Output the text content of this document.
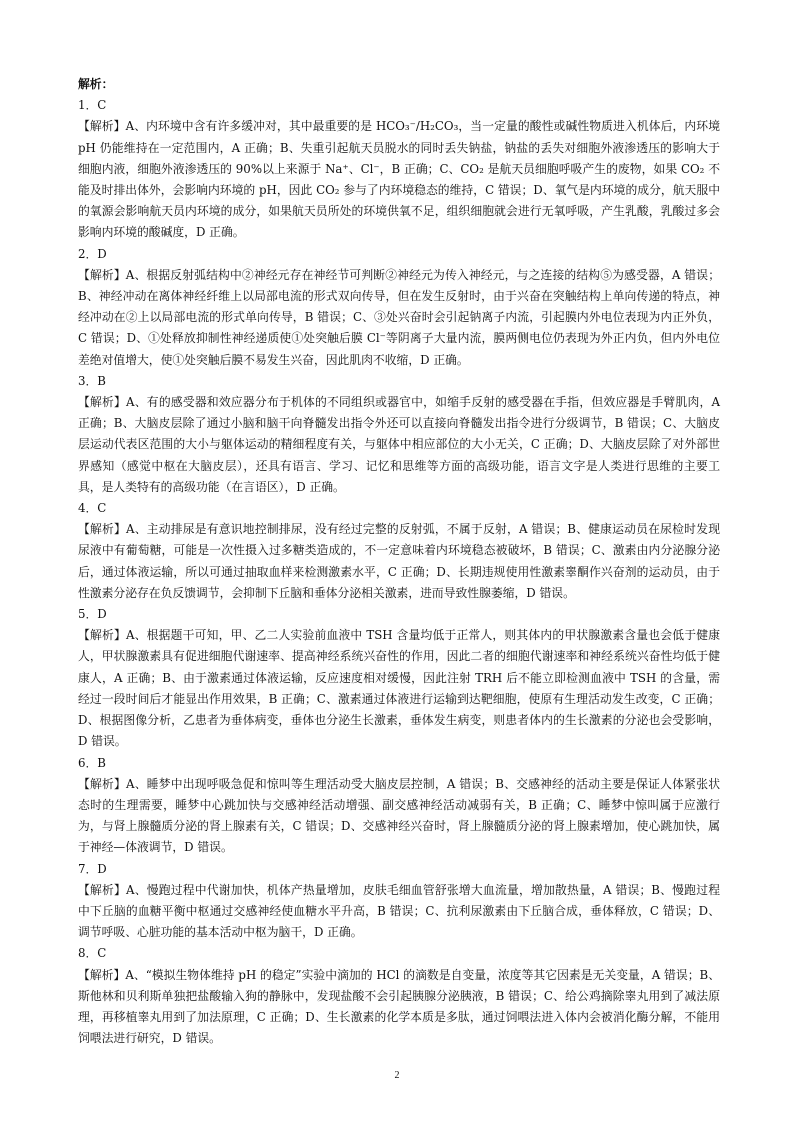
解析：

1．C

【解析】A、内环境中含有许多缓冲对，其中最重要的是 HCO₃⁻/H₂CO₃，当一定量的酸性或碱性物质进入机体后，内环境 pH 仍能维持在一定范围内，A 正确；B、失重引起航天员脱水的同时丢失钠盐，钠盐的丢失对细胞外液渗透压的影响大于细胞内液，细胞外液渗透压的 90%以上来源于 Na⁺、Cl⁻，B 正确；C、CO₂ 是航天员细胞呼吸产生的废物，如果 CO₂ 不能及时排出体外，会影响内环境的 pH，因此 CO₂ 参与了内环境稳态的维持，C 错误；D、氧气是内环境的成分，航天服中的氧源会影响航天员内环境的成分，如果航天员所处的环境供氧不足，组织细胞就会进行无氧呼吸，产生乳酸，乳酸过多会影响内环境的酸碱度，D 正确。

2．D

【解析】A、根据反射弧结构中②神经元存在神经节可判断②神经元为传入神经元，与之连接的结构⑤为感受器，A 错误；B、神经冲动在离体神经纤维上以局部电流的形式双向传导，但在发生反射时，由于兴奋在突触结构上单向传递的特点，神经冲动在②上以局部电流的形式单向传导，B 错误；C、③处兴奋时会引起钠离子内流，引起膜内外电位表现为内正外负，C 错误；D、①处释放抑制性神经递质使①处突触后膜 Cl⁻等阴离子大量内流，膜两侧电位仍表现为外正内负，但内外电位差绝对值增大，使①处突触后膜不易发生兴奋，因此肌肉不收缩，D 正确。

3．B

【解析】A、有的感受器和效应器分布于机体的不同组织或器官中，如缩手反射的感受器在手指，但效应器是手臂肌肉，A 正确；B、大脑皮层除了通过小脑和脑干向脊髓发出指令外还可以直接向脊髓发出指令进行分级调节，B 错误；C、大脑皮层运动代表区范围的大小与躯体运动的精细程度有关，与躯体中相应部位的大小无关，C 正确；D、大脑皮层除了对外部世界感知（感觉中枢在大脑皮层），还具有语言、学习、记忆和思维等方面的高级功能，语言文字是人类进行思维的主要工具，是人类特有的高级功能（在言语区），D 正确。

4．C

【解析】A、主动排尿是有意识地控制排尿，没有经过完整的反射弧，不属于反射，A 错误；B、健康运动员在尿检时发现尿液中有葡萄糖，可能是一次性摄入过多糖类造成的，不一定意味着内环境稳态被破坏，B 错误；C、激素由内分泌腺分泌后，通过体液运输，所以可通过抽取血样来检测激素水平，C 正确；D、长期违规使用性激素睾酮作兴奋剂的运动员，由于性激素分泌存在负反馈调节，会抑制下丘脑和垂体分泌相关激素，进而导致性腺萎缩，D 错误。

5．D

【解析】A、根据题干可知，甲、乙二人实验前血液中 TSH 含量均低于正常人，则其体内的甲状腺激素含量也会低于健康人，甲状腺激素具有促进细胞代谢速率、提高神经系统兴奋性的作用，因此二者的细胞代谢速率和神经系统兴奋性均低于健康人，A 正确；B、由于激素通过体液运输，反应速度相对缓慢，因此注射 TRH 后不能立即检测血液中 TSH 的含量，需经过一段时间后才能显出作用效果，B 正确；C、激素通过体液进行运输到达靶细胞，使原有生理活动发生改变，C 正确；D、根据图像分析，乙患者为垂体病变，垂体也分泌生长激素，垂体发生病变，则患者体内的生长激素的分泌也会受影响，D 错误。

6．B

【解析】A、睡梦中出现呼吸急促和惊叫等生理活动受大脑皮层控制，A 错误；B、交感神经的活动主要是保证人体紧张状态时的生理需要，睡梦中心跳加快与交感神经活动增强、副交感神经活动减弱有关，B 正确；C、睡梦中惊叫属于应激行为，与肾上腺髓质分泌的肾上腺素有关，C 错误；D、交感神经兴奋时，肾上腺髓质分泌的肾上腺素增加，使心跳加快，属于神经—体液调节，D 错误。

7．D

【解析】A、慢跑过程中代谢加快，机体产热量增加，皮肤毛细血管舒张增大血流量，增加散热量，A 错误；B、慢跑过程中下丘脑的血糖平衡中枢通过交感神经使血糖水平升高，B 错误；C、抗利尿激素由下丘脑合成，垂体释放，C 错误；D、调节呼吸、心脏功能的基本活动中枢为脑干，D 正确。

8．C

【解析】A、“模拟生物体维持 pH 的稳定”实验中滴加的 HCl 的滴数是自变量，浓度等其它因素是无关变量，A 错误；B、斯他林和贝利斯单独把盐酸输入狗的静脉中，发现盐酸不会引起胰腺分泌胰液，B 错误；C、给公鸡摘除睾丸用到了减法原理，再移植睾丸用到了加法原理，C 正确；D、生长激素的化学本质是多肽，通过饲喂法进入体内会被消化酶分解，不能用饲喂法进行研究，D 错误。

2
